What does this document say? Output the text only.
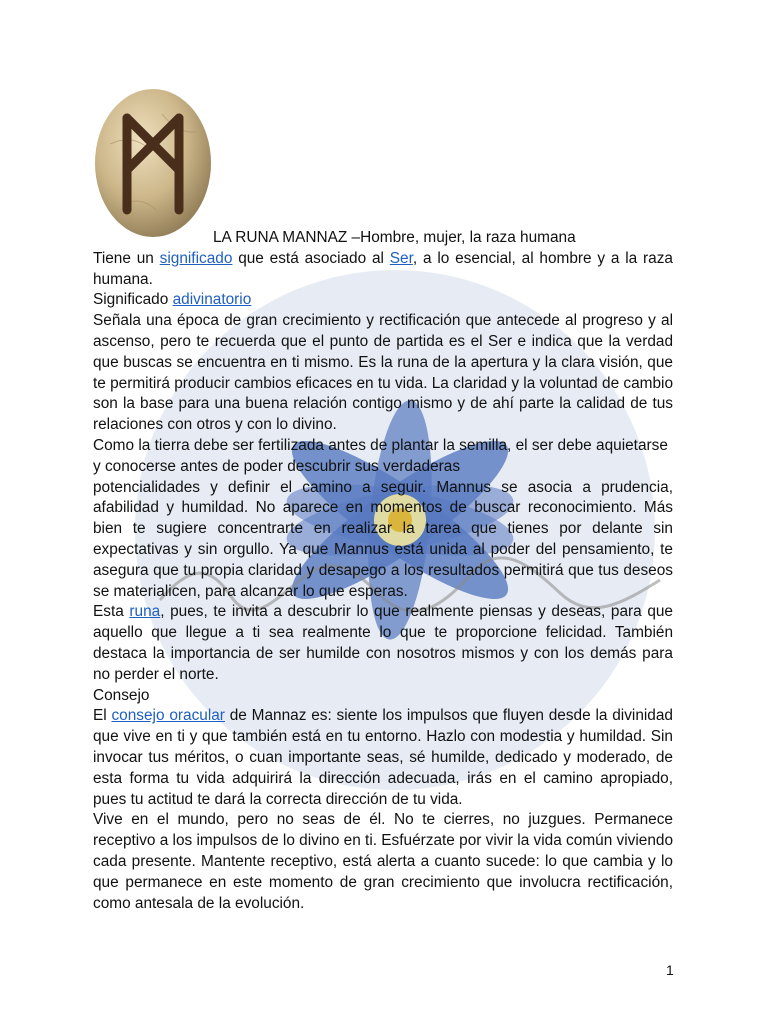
LA RUNA MANNAZ –Hombre, mujer, la raza humana

Tiene un significado que está asociado al Ser, a lo esencial, al hombre y a la raza humana.

Significado adivinatorio

Señala una época de gran crecimiento y rectificación que antecede al progreso y al ascenso, pero te recuerda que el punto de partida es el Ser e indica que la verdad que buscas se encuentra en ti mismo. Es la runa de la apertura y la clara visión, que te permitirá producir cambios eficaces en tu vida. La claridad y la voluntad de cambio son la base para una buena relación contigo mismo y de ahí parte la calidad de tus relaciones con otros y con lo divino.

Como la tierra debe ser fertilizada antes de plantar la semilla, el ser debe aquietarse y conocerse antes de poder descubrir sus verdaderas

potencialidades y definir el camino a seguir. Mannus se asocia a prudencia, afabilidad y humildad. No aparece en momentos de buscar reconocimiento. Más bien te sugiere concentrarte en realizar la tarea que tienes por delante sin expectativas y sin orgullo. Ya que Mannus está unida al poder del pensamiento, te asegura que tu propia claridad y desapego a los resultados permitirá que tus deseos se materialicen, para alcanzar lo que esperas.

Esta runa, pues, te invita a descubrir lo que realmente piensas y deseas, para que aquello que llegue a ti sea realmente lo que te proporcione felicidad. También destaca la importancia de ser humilde con nosotros mismos y con los demás para no perder el norte.

Consejo

El consejo oracular de Mannaz es: siente los impulsos que fluyen desde la divinidad que vive en ti y que también está en tu entorno. Hazlo con modestia y humildad. Sin invocar tus méritos, o cuan importante seas, sé humilde, dedicado y moderado, de esta forma tu vida adquirirá la dirección adecuada, irás en el camino apropiado, pues tu actitud te dará la correcta dirección de tu vida.

Vive en el mundo, pero no seas de él. No te cierres, no juzgues. Permanece receptivo a los impulsos de lo divino en ti. Esfuérzate por vivir la vida común viviendo cada presente. Mantente receptivo, está alerta a cuanto sucede: lo que cambia y lo que permanece en este momento de gran crecimiento que involucra rectificación, como antesala de la evolución.

1
